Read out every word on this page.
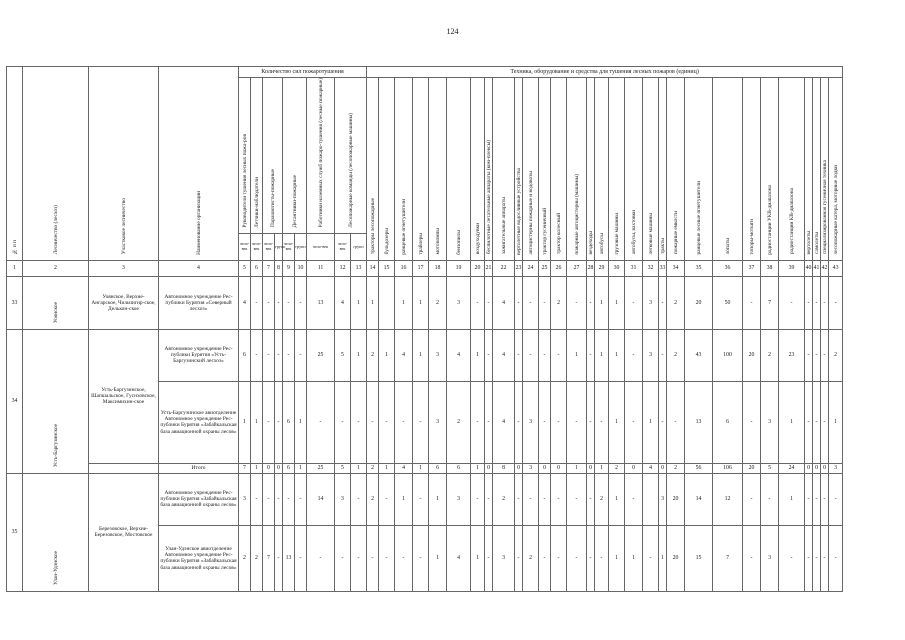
124
№ п п	Лесничество (лесхоз)	Участковое лесничество	Наименование организации	Количество сил пожаротушения									Техника, оборудование и средства для тушения лесных пожаров (единиц)																													
				Руководители тушения лесных пожа-ров	Летчики-наблюдатели	Парашютисты-пожарные		Десантники-пожарные		Работники наземных служб пожаро-тушения (лесные пожарные)	Лесопожарные команды (лесопожарные машины)		тракторы лесопожарные	бульдозеры	ранцевые огнетушители	трайлеры	мотопомпы	бензопилы	воздуходувки	беспилотные летательные аппараты (ком-плексы)	зажигательные аппараты	вертолетные водосливные устройства	автоцистерны пожарные и водовозы	трактор гусеничный	трактор колесный	пожарные автоцистерны (машины)	вездеходы	автобусы	грузовые машины	автобусы, вахтовки	легковые машины	тракты	пожарные емкости	ранцевые лесные огнетушители	лопаты	топоры-мотыги	радиостанции УКВ-диапазона	радиостанции КВ-диапазона	вертолеты	самолеты	специализированная гусеничная техника	лесопожарные катера, моторные лодки
				чело-век	чело-век	чело-век	групп	чело-век	групп	чело-век	чело-век	групп																														
1	2	3	4	5	6	7	8	9	10	11	12	13	14	15	16	17	18	19	20	21	22	23	24	25	26	27	28	29	30	31	32	33	34	35	36	37	38	39	40	41	42	43
33	Уоянское	Уоянское, Верхне-Ангарское, Чильчигир-ское, Делькон-ское	Автономное учреждение Рес-публики Бурятия «Северный лесхоз»	4	-	-	-	-	-	13	4	1	1		1	1	2	3	-	-	4	-	-	-	2	-	-	1	1	-	3	-	2	20	50	-	7	-	-	-	-	-
34	Усть-Баргузинское	Усть-Баргузинское, Шапшальское, Гусиховское, Максимихин-ское	Автономное учреждение Рес-публики Бурятия «Усть-Баргузинский лесхоз»	6	-	-	-	-	-	25	5	1	2	1	4	1	3	4	1	-	4	-	-	-	-	1	-	1	1	-	3	-	2	43	100	20	2	23	-	-	-	2
			Усть-Баргузинское авиотделение Автономное учреждение Рес-публики Бурятия «Забайкальская база авиационной охраны лесов»	1	1	-	-	6	1	-	-	-	-	-	-	-	3	2	-	-	4	-	3	-	-	-	-	-	1	-	1	-	-	13	6	-	3	1	-	-	-	1
			Итого	7	1	0	0	6	1	25	5	1	2	1	4	1	6	6	1	0	8	0	3	0	0	1	0	1	2	0	4	0	2	56	106	20	5	24	0	0	0	3
35	Улан-Удэнское	Березовское, Верхне-Березовское, Мостовское	Автономное учреждение Рес-публики Бурятия «Забайкальская база авиационной охраны лесов»	3	-	-	-	-	-	14	3	-	2	-	1	-	1	3	-	-	2	-	-	-	-	-	-	2	1	-		3	20	14	12	-	-	1	-	-	-	-
			Улан-Удэнское авиотделение Автономное учреждение Рес-публики Бурятия «Забайкальская база авиационной охраны лесов»	2	2	7	-	13	-	-	-	-	-	-	-	-	1	4	1	-	3	-	2	-	-	-	-	-	1	1	-	1	20	15	7	-	3	-	-	-	-	-
